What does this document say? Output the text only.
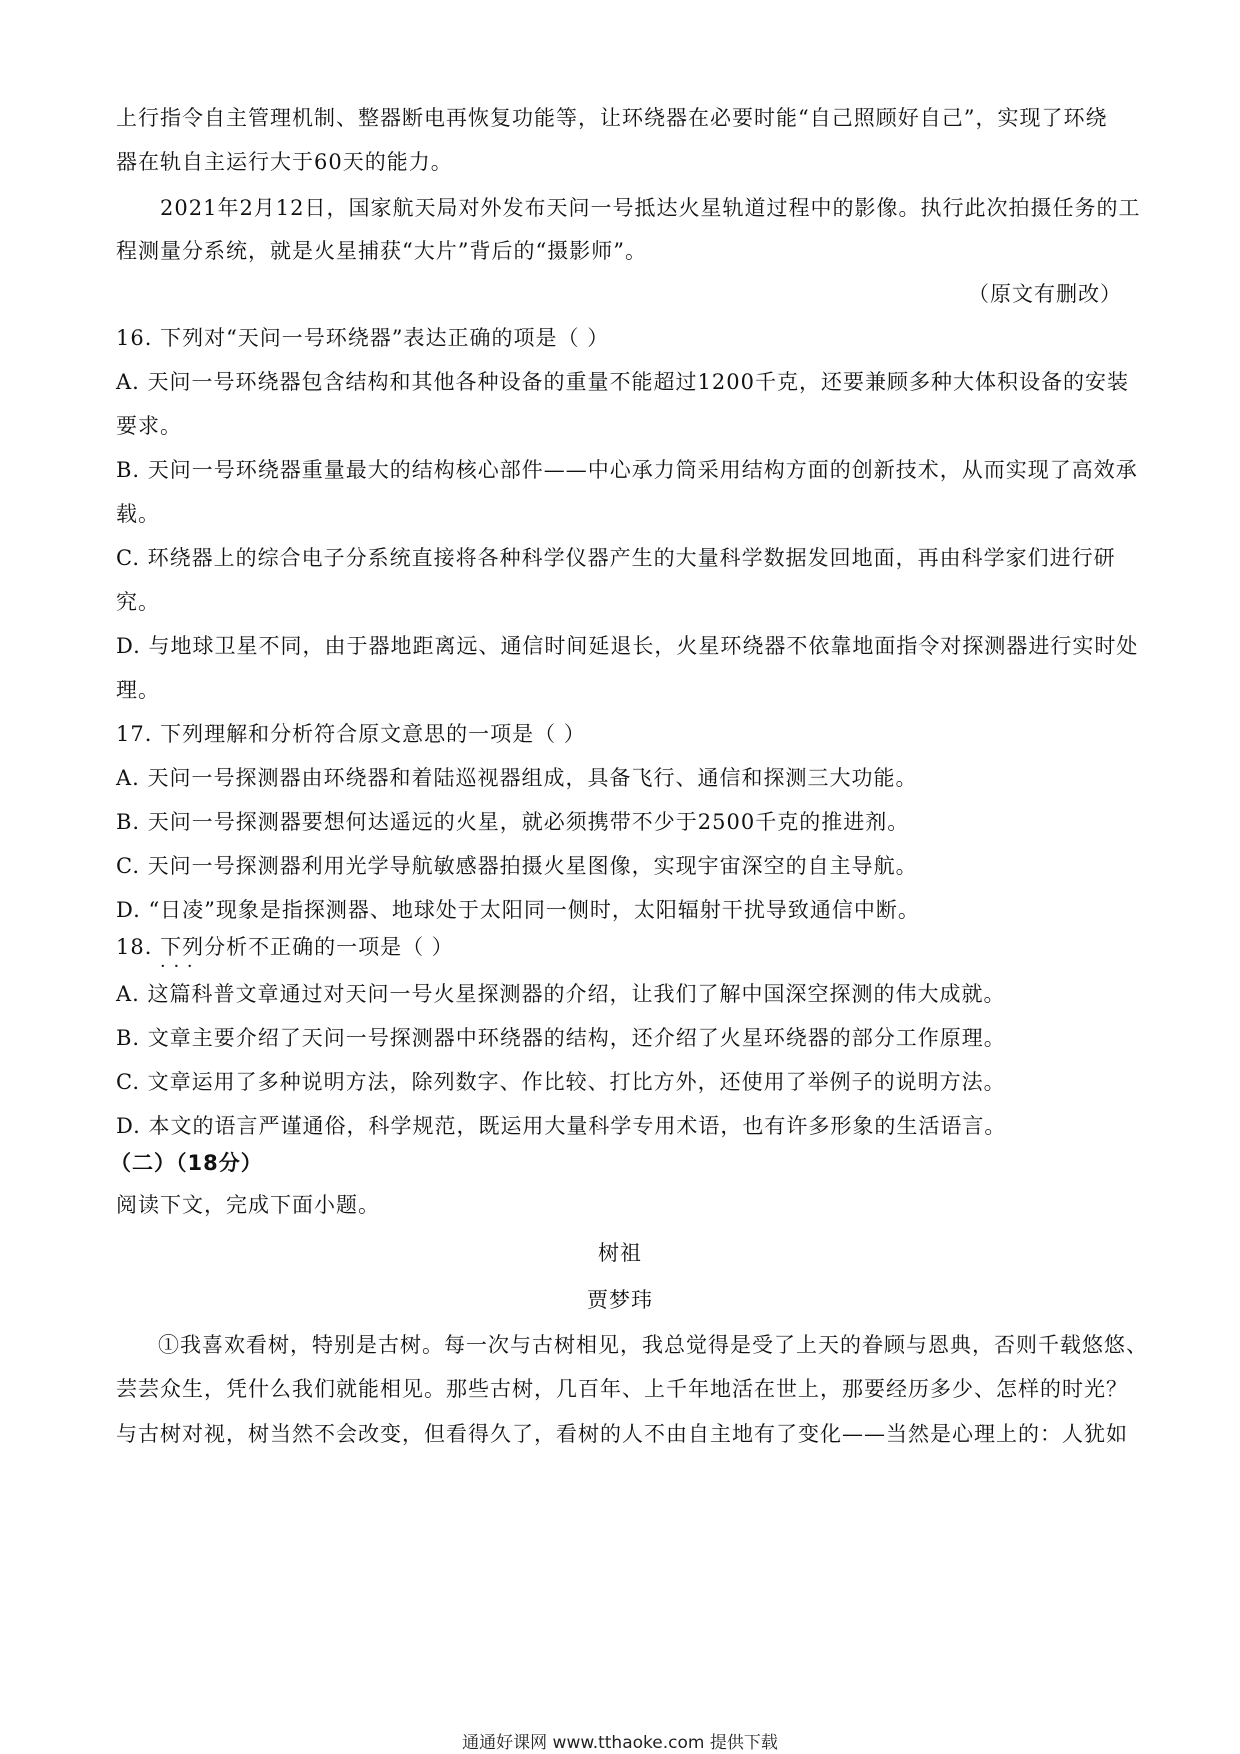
上行指令自主管理机制、整器断电再恢复功能等，让环绕器在必要时能“自己照顾好自己”，实现了环绕
器在轨自主运行大于60天的能力。
2021年2月12日，国家航天局对外发布天问一号抵达火星轨道过程中的影像。执行此次拍摄任务的工
程测量分系统，就是火星捕获“大片”背后的“摄影师”。
（原文有删改）
16. 下列对“天问一号环绕器”表达正确的项是（ ）
A. 天问一号环绕器包含结构和其他各种设备的重量不能超过1200千克，还要兼顾多种大体积设备的安装
要求。
B. 天问一号环绕器重量最大的结构核心部件——中心承力筒采用结构方面的创新技术，从而实现了高效承
载。
C. 环绕器上的综合电子分系统直接将各种科学仪器产生的大量科学数据发回地面，再由科学家们进行研
究。
D. 与地球卫星不同，由于器地距离远、通信时间延退长，火星环绕器不依靠地面指令对探测器进行实时处
理。
17. 下列理解和分析符合原文意思的一项是（ ）
A. 天问一号探测器由环绕器和着陆巡视器组成，具备飞行、通信和探测三大功能。
B. 天问一号探测器要想何达遥远的火星，就必须携带不少于2500千克的推进剂。
C. 天问一号探测器利用光学导航敏感器拍摄火星图像，实现宇宙深空的自主导航。
D. “日凌”现象是指探测器、地球处于太阳同一侧时，太阳辐射干扰导致通信中断。
18. 下列分析不正确的一项是（ ） · · ·
A. 这篇科普文章通过对天问一号火星探测器的介绍，让我们了解中国深空探测的伟大成就。
B. 文章主要介绍了天问一号探测器中环绕器的结构，还介绍了火星环绕器的部分工作原理。
C. 文章运用了多种说明方法，除列数字、作比较、打比方外，还使用了举例子的说明方法。
D. 本文的语言严谨通俗，科学规范，既运用大量科学专用术语，也有许多形象的生活语言。
（二）（18分）
阅读下文，完成下面小题。
树祖
贾梦玮
①我喜欢看树，特别是古树。每一次与古树相见，我总觉得是受了上天的眷顾与恩典，否则千载悠悠、
芸芸众生，凭什么我们就能相见。那些古树，几百年、上千年地活在世上，那要经历多少、怎样的时光？
与古树对视，树当然不会改变，但看得久了，看树的人不由自主地有了变化——当然是心理上的：人犹如
通通好课网 www.tthaoke.com 提供下载
